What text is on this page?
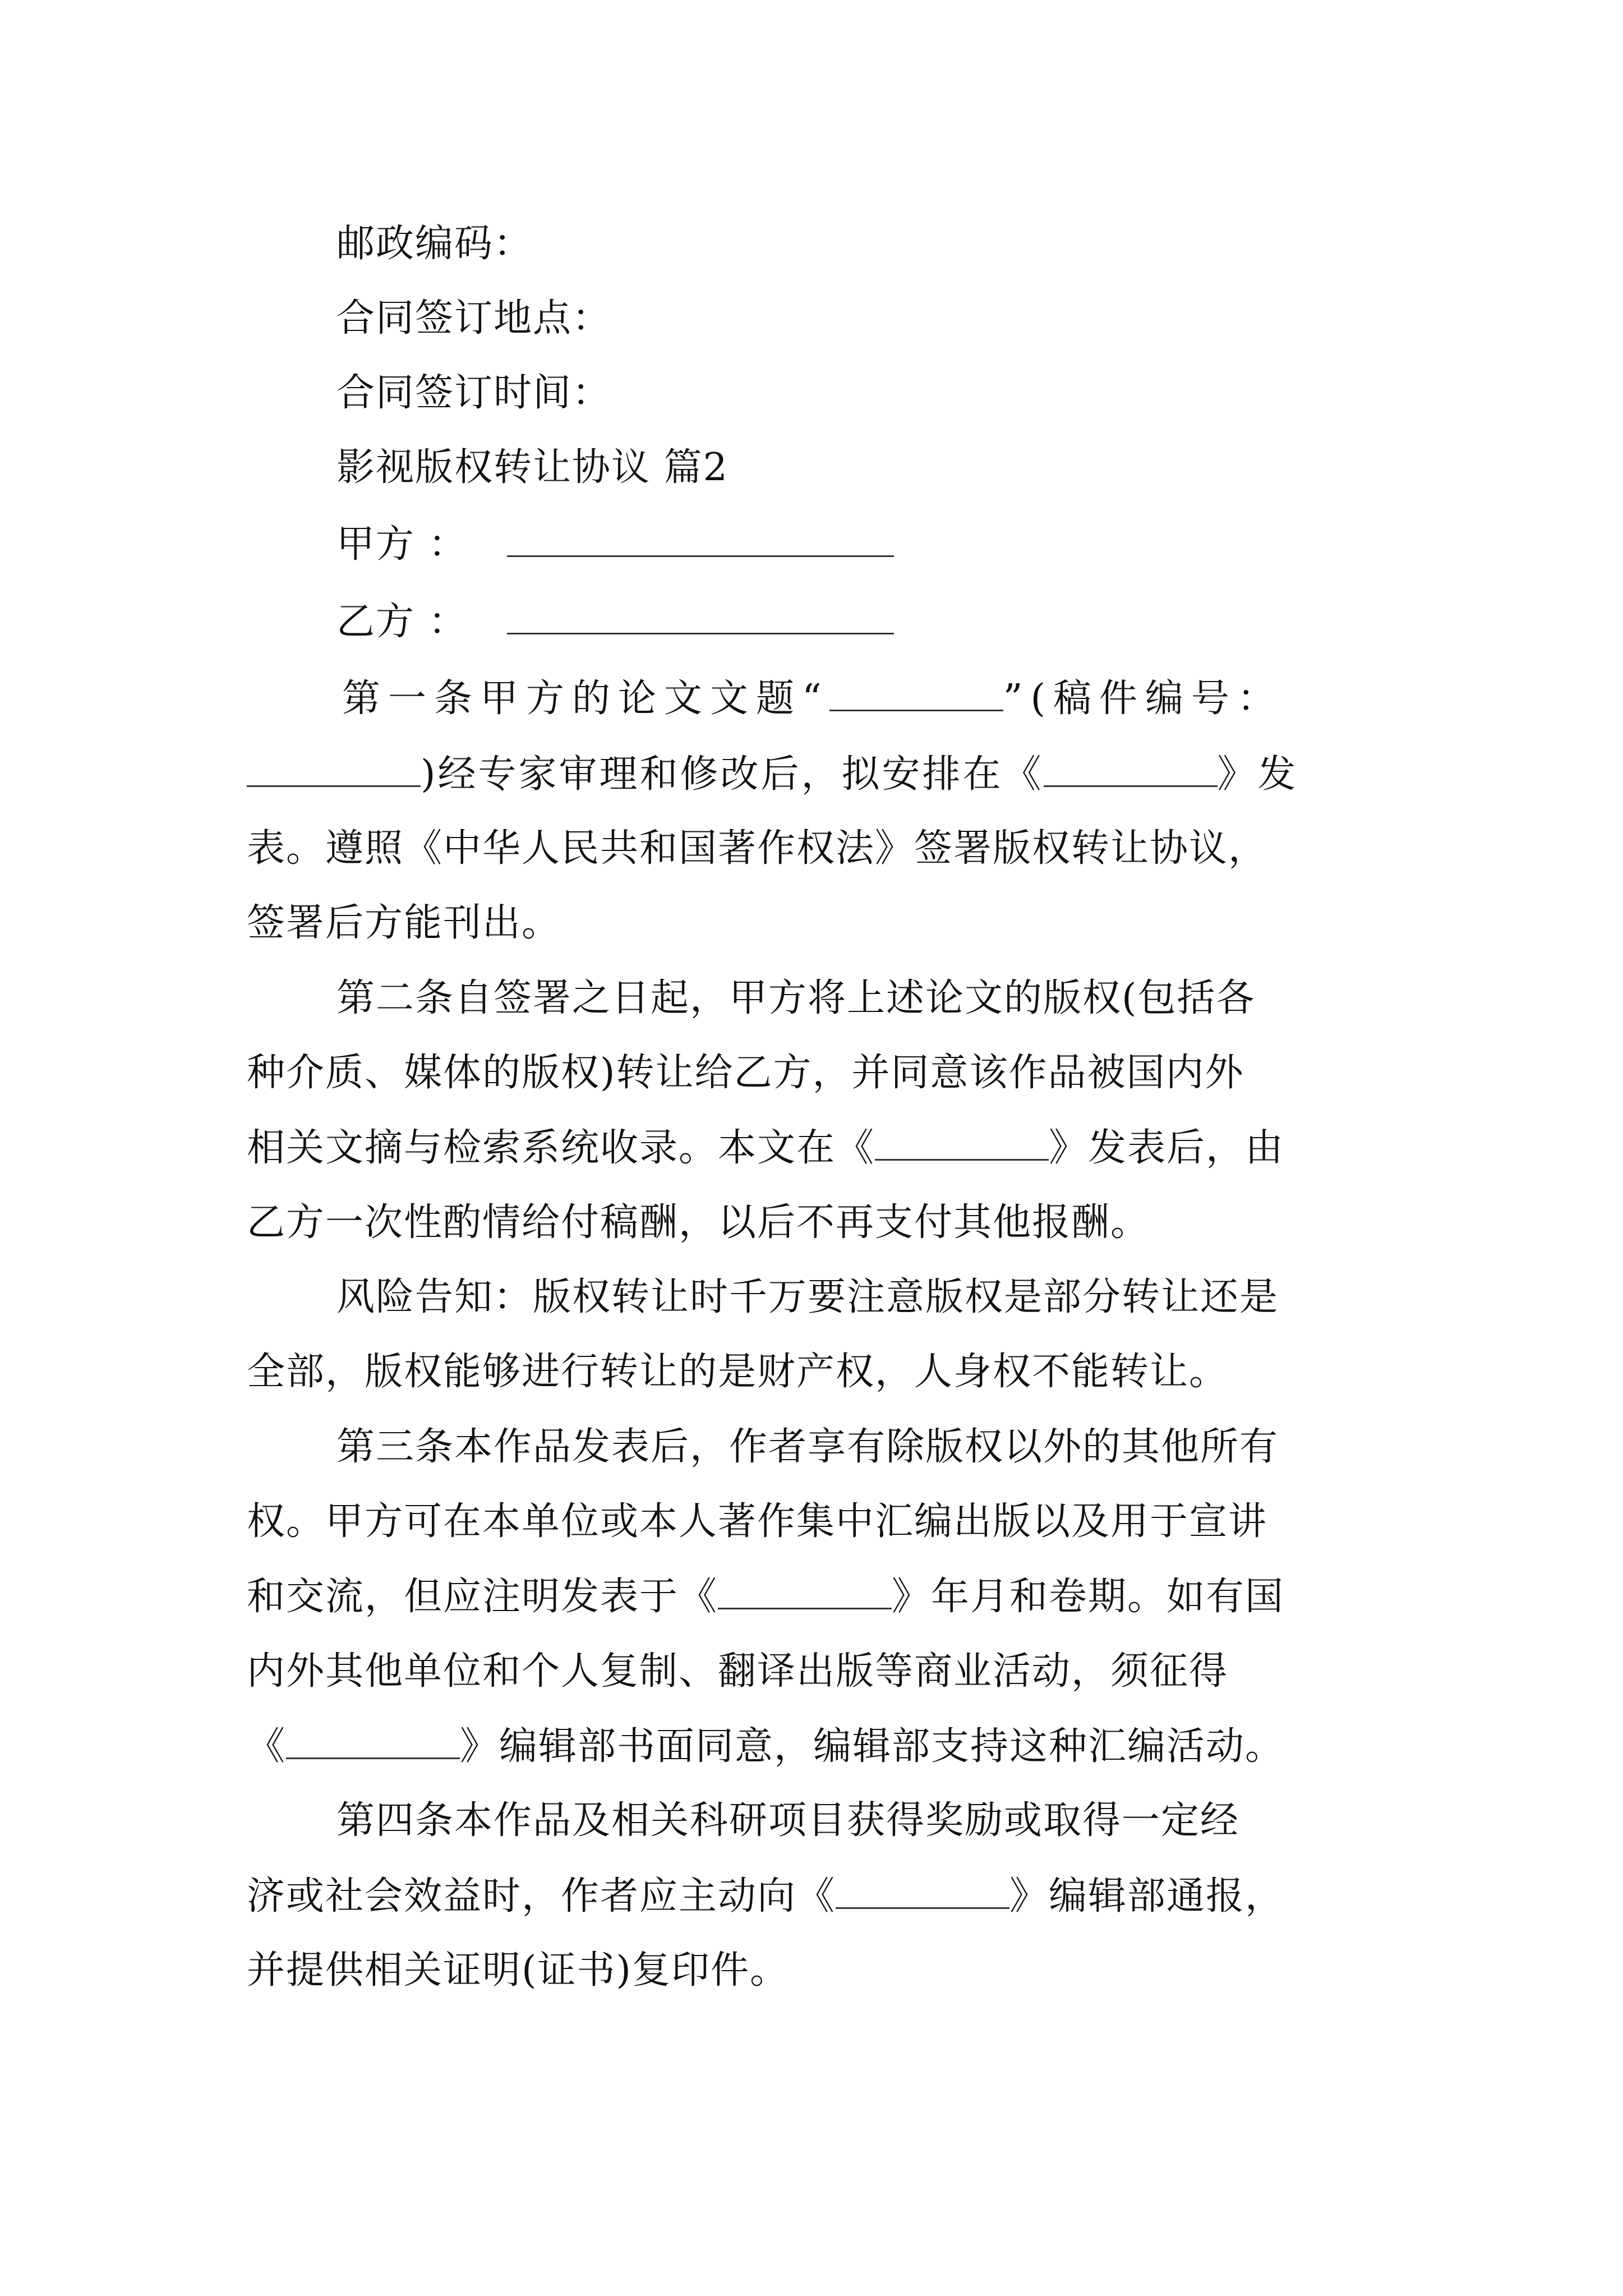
邮政编码：
合同签订地点：
合同签订时间：
影视版权转让协议 篇2
甲方 ：
乙方 ：
第一条甲方的论文文题“	”(稿件编号：
)经专家审理和修改后，拟安排在《	》发
表。遵照《中华人民共和国著作权法》签署版权转让协议，
签署后方能刊出。
第二条自签署之日起，甲方将上述论文的版权(包括各
种介质、媒体的版权)转让给乙方，并同意该作品被国内外
相关文摘与检索系统收录。本文在《	》发表后，由
乙方一次性酌情给付稿酬，以后不再支付其他报酬。
风险告知：版权转让时千万要注意版权是部分转让还是
全部，版权能够进行转让的是财产权，人身权不能转让。
第三条本作品发表后，作者享有除版权以外的其他所有
权。甲方可在本单位或本人著作集中汇编出版以及用于宣讲
和交流，但应注明发表于《	》年月和卷期。如有国
内外其他单位和个人复制、翻译出版等商业活动，须征得
《	》编辑部书面同意，编辑部支持这种汇编活动。
第四条本作品及相关科研项目获得奖励或取得一定经
济或社会效益时，作者应主动向《	》编辑部通报，
并提供相关证明(证书)复印件。
